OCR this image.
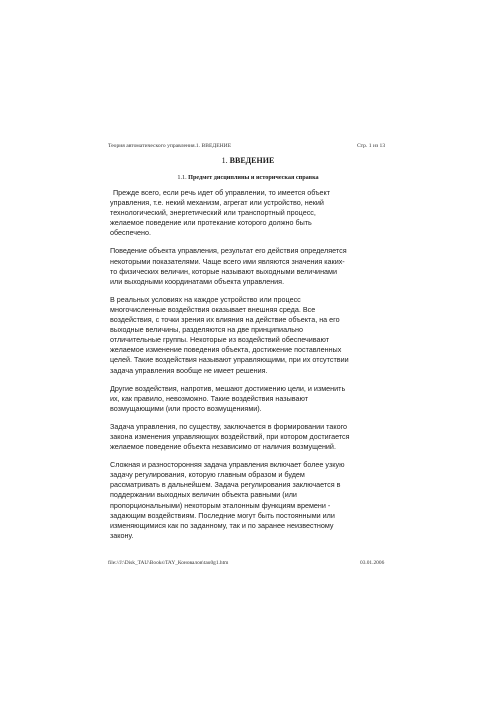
Теория автоматического управления.1. ВВЕДЕНИЕ	Стр. 1 из 13
1. ВВЕДЕНИЕ
1.1. Предмет дисциплины и историческая справка
Прежде всего, если речь идет об управлении, то имеется объект
управления, т.е. некий механизм, агрегат или устройство, некий
технологический, энергетический или транспортный процесс,
желаемое поведение или протекание которого должно быть
обеспечено.
Поведение объекта управления, результат его действия определяется
некоторыми показателями. Чаще всего ими являются значения каких-
то физических величин, которые называют выходными величинами
или выходными координатами объекта управления.
В реальных условиях на каждое устройство или процесс
многочисленные воздействия оказывает внешняя среда. Все
воздействия, с точки зрения их влияния на действие объекта, на его
выходные величины, разделяются на две принципиально
отличительные группы. Некоторые из воздействий обеспечивают
желаемое изменение поведения объекта, достижение поставленных
целей. Такие воздействия называют управляющими, при их отсутствии
задача управления вообще не имеет решения.
Другие воздействия, напротив, мешают достижению цели, и изменить
их, как правило, невозможно. Такие воздействия называют
возмущающими (или просто возмущениями).
Задача управления, по существу, заключается в формировании такого
закона изменения управляющих воздействий, при котором достигается
желаемое поведение объекта независимо от наличия возмущений.
Сложная и разносторонняя задача управления включает более узкую
задачу регулирования, которую главным образом и будем
рассматривать в дальнейшем. Задача регулирования заключается в
поддержании выходных величин объекта равными (или
пропорциональными) некоторым эталонным функциям времени -
задающим воздействиям. Последние могут быть постоянными или
изменяющимися как по заданному, так и по заранее неизвестному
закону.
file://J:\Disk_TAU\Books\TAY_Коновалов\tau0g1.htm	03.01.2006
